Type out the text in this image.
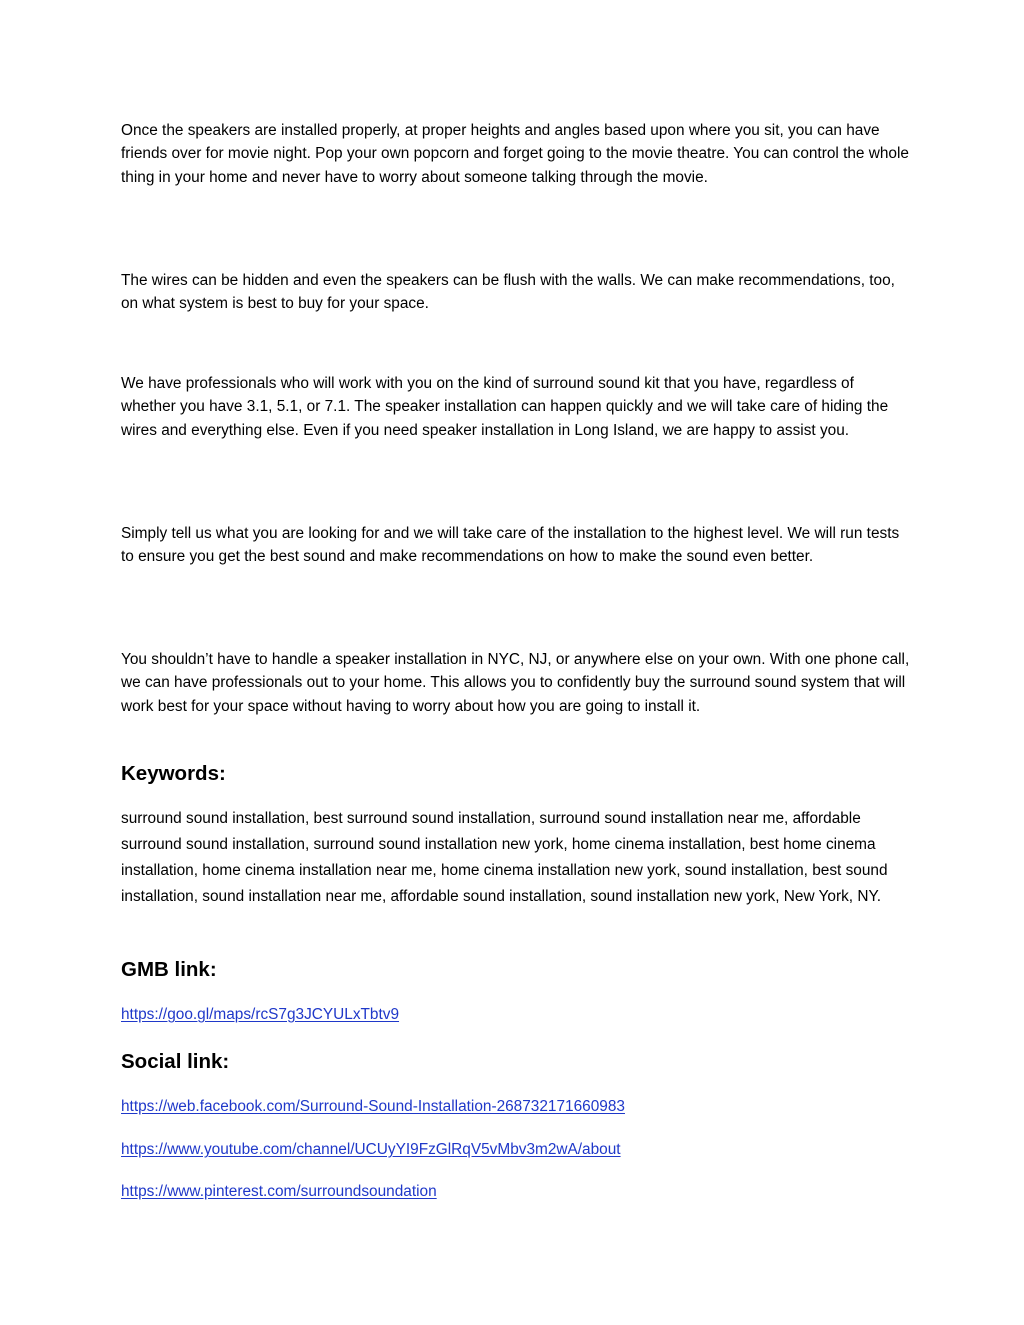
Once the speakers are installed properly, at proper heights and angles based upon where you sit, you can have friends over for movie night. Pop your own popcorn and forget going to the movie theatre. You can control the whole thing in your home and never have to worry about someone talking through the movie.

The wires can be hidden and even the speakers can be flush with the walls. We can make recommendations, too, on what system is best to buy for your space.

We have professionals who will work with you on the kind of surround sound kit that you have, regardless of whether you have 3.1, 5.1, or 7.1. The speaker installation can happen quickly and we will take care of hiding the wires and everything else. Even if you need speaker installation in Long Island, we are happy to assist you.

Simply tell us what you are looking for and we will take care of the installation to the highest level. We will run tests to ensure you get the best sound and make recommendations on how to make the sound even better.

You shouldn’t have to handle a speaker installation in NYC, NJ, or anywhere else on your own. With one phone call, we can have professionals out to your home. This allows you to confidently buy the surround sound system that will work best for your space without having to worry about how you are going to install it.

Keywords:

surround sound installation, best surround sound installation, surround sound installation near me, affordable surround sound installation, surround sound installation new york, home cinema installation, best home cinema installation, home cinema installation near me, home cinema installation new york, sound installation, best sound installation, sound installation near me, affordable sound installation, sound installation new york, New York, NY.

GMB link:
https://goo.gl/maps/rcS7g3JCYULxTbtv9
Social link:
https://web.facebook.com/Surround-Sound-Installation-268732171660983
https://www.youtube.com/channel/UCUyYI9FzGlRqV5vMbv3m2wA/about
https://www.pinterest.com/surroundsoundation
